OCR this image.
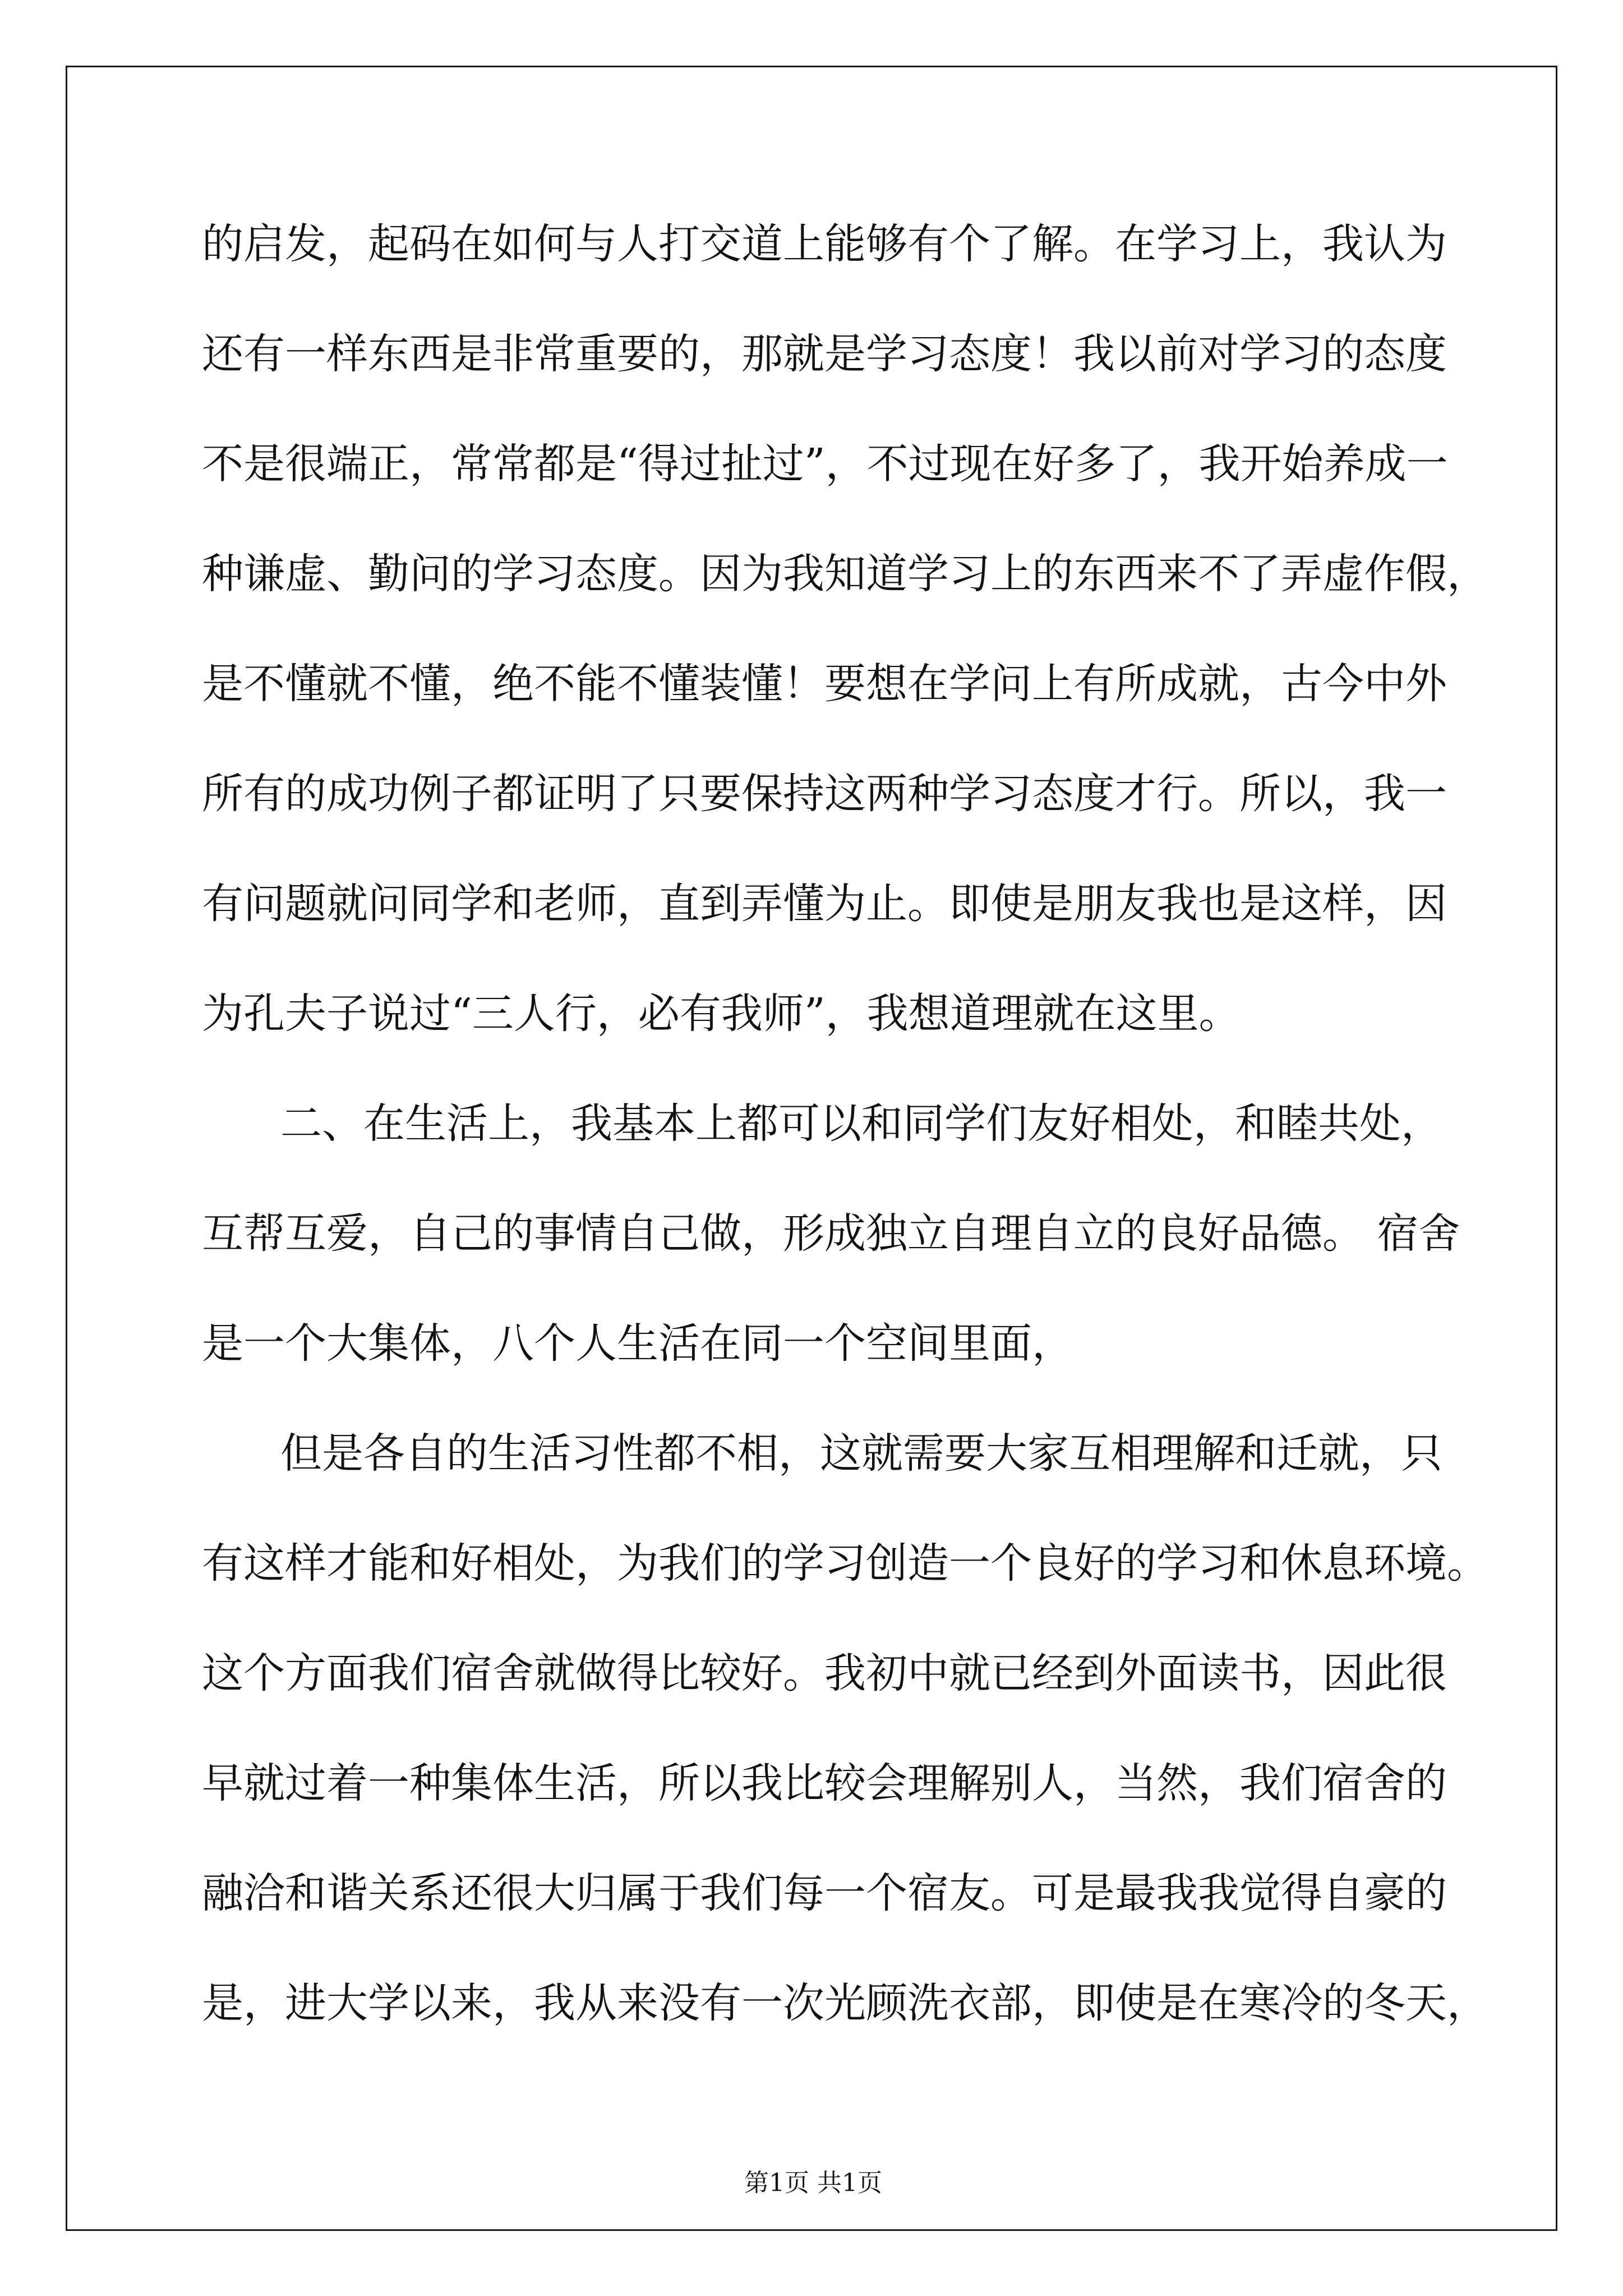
的启发，起码在如何与人打交道上能够有个了解。在学习上，我认为
还有一样东西是非常重要的，那就是学习态度！我以前对学习的态度
不是很端正，常常都是“得过扯过”，不过现在好多了，我开始养成一
种谦虚、勤问的学习态度。因为我知道学习上的东西来不了弄虚作假，
是不懂就不懂，绝不能不懂装懂！要想在学问上有所成就，古今中外
所有的成功例子都证明了只要保持这两种学习态度才行。所以，我一
有问题就问同学和老师，直到弄懂为止。即使是朋友我也是这样，因
为孔夫子说过“三人行，必有我师”，我想道理就在这里。
二、在生活上，我基本上都可以和同学们友好相处，和睦共处，
互帮互爱，自己的事情自己做，形成独立自理自立的良好品德。 宿舍
是一个大集体，八个人生活在同一个空间里面，
但是各自的生活习性都不相，这就需要大家互相理解和迁就，只
有这样才能和好相处，为我们的学习创造一个良好的学习和休息环境。
这个方面我们宿舍就做得比较好。我初中就已经到外面读书，因此很
早就过着一种集体生活，所以我比较会理解别人，当然，我们宿舍的
融洽和谐关系还很大归属于我们每一个宿友。可是最我我觉得自豪的
是，进大学以来，我从来没有一次光顾洗衣部，即使是在寒冷的冬天，
第1页 共1页
